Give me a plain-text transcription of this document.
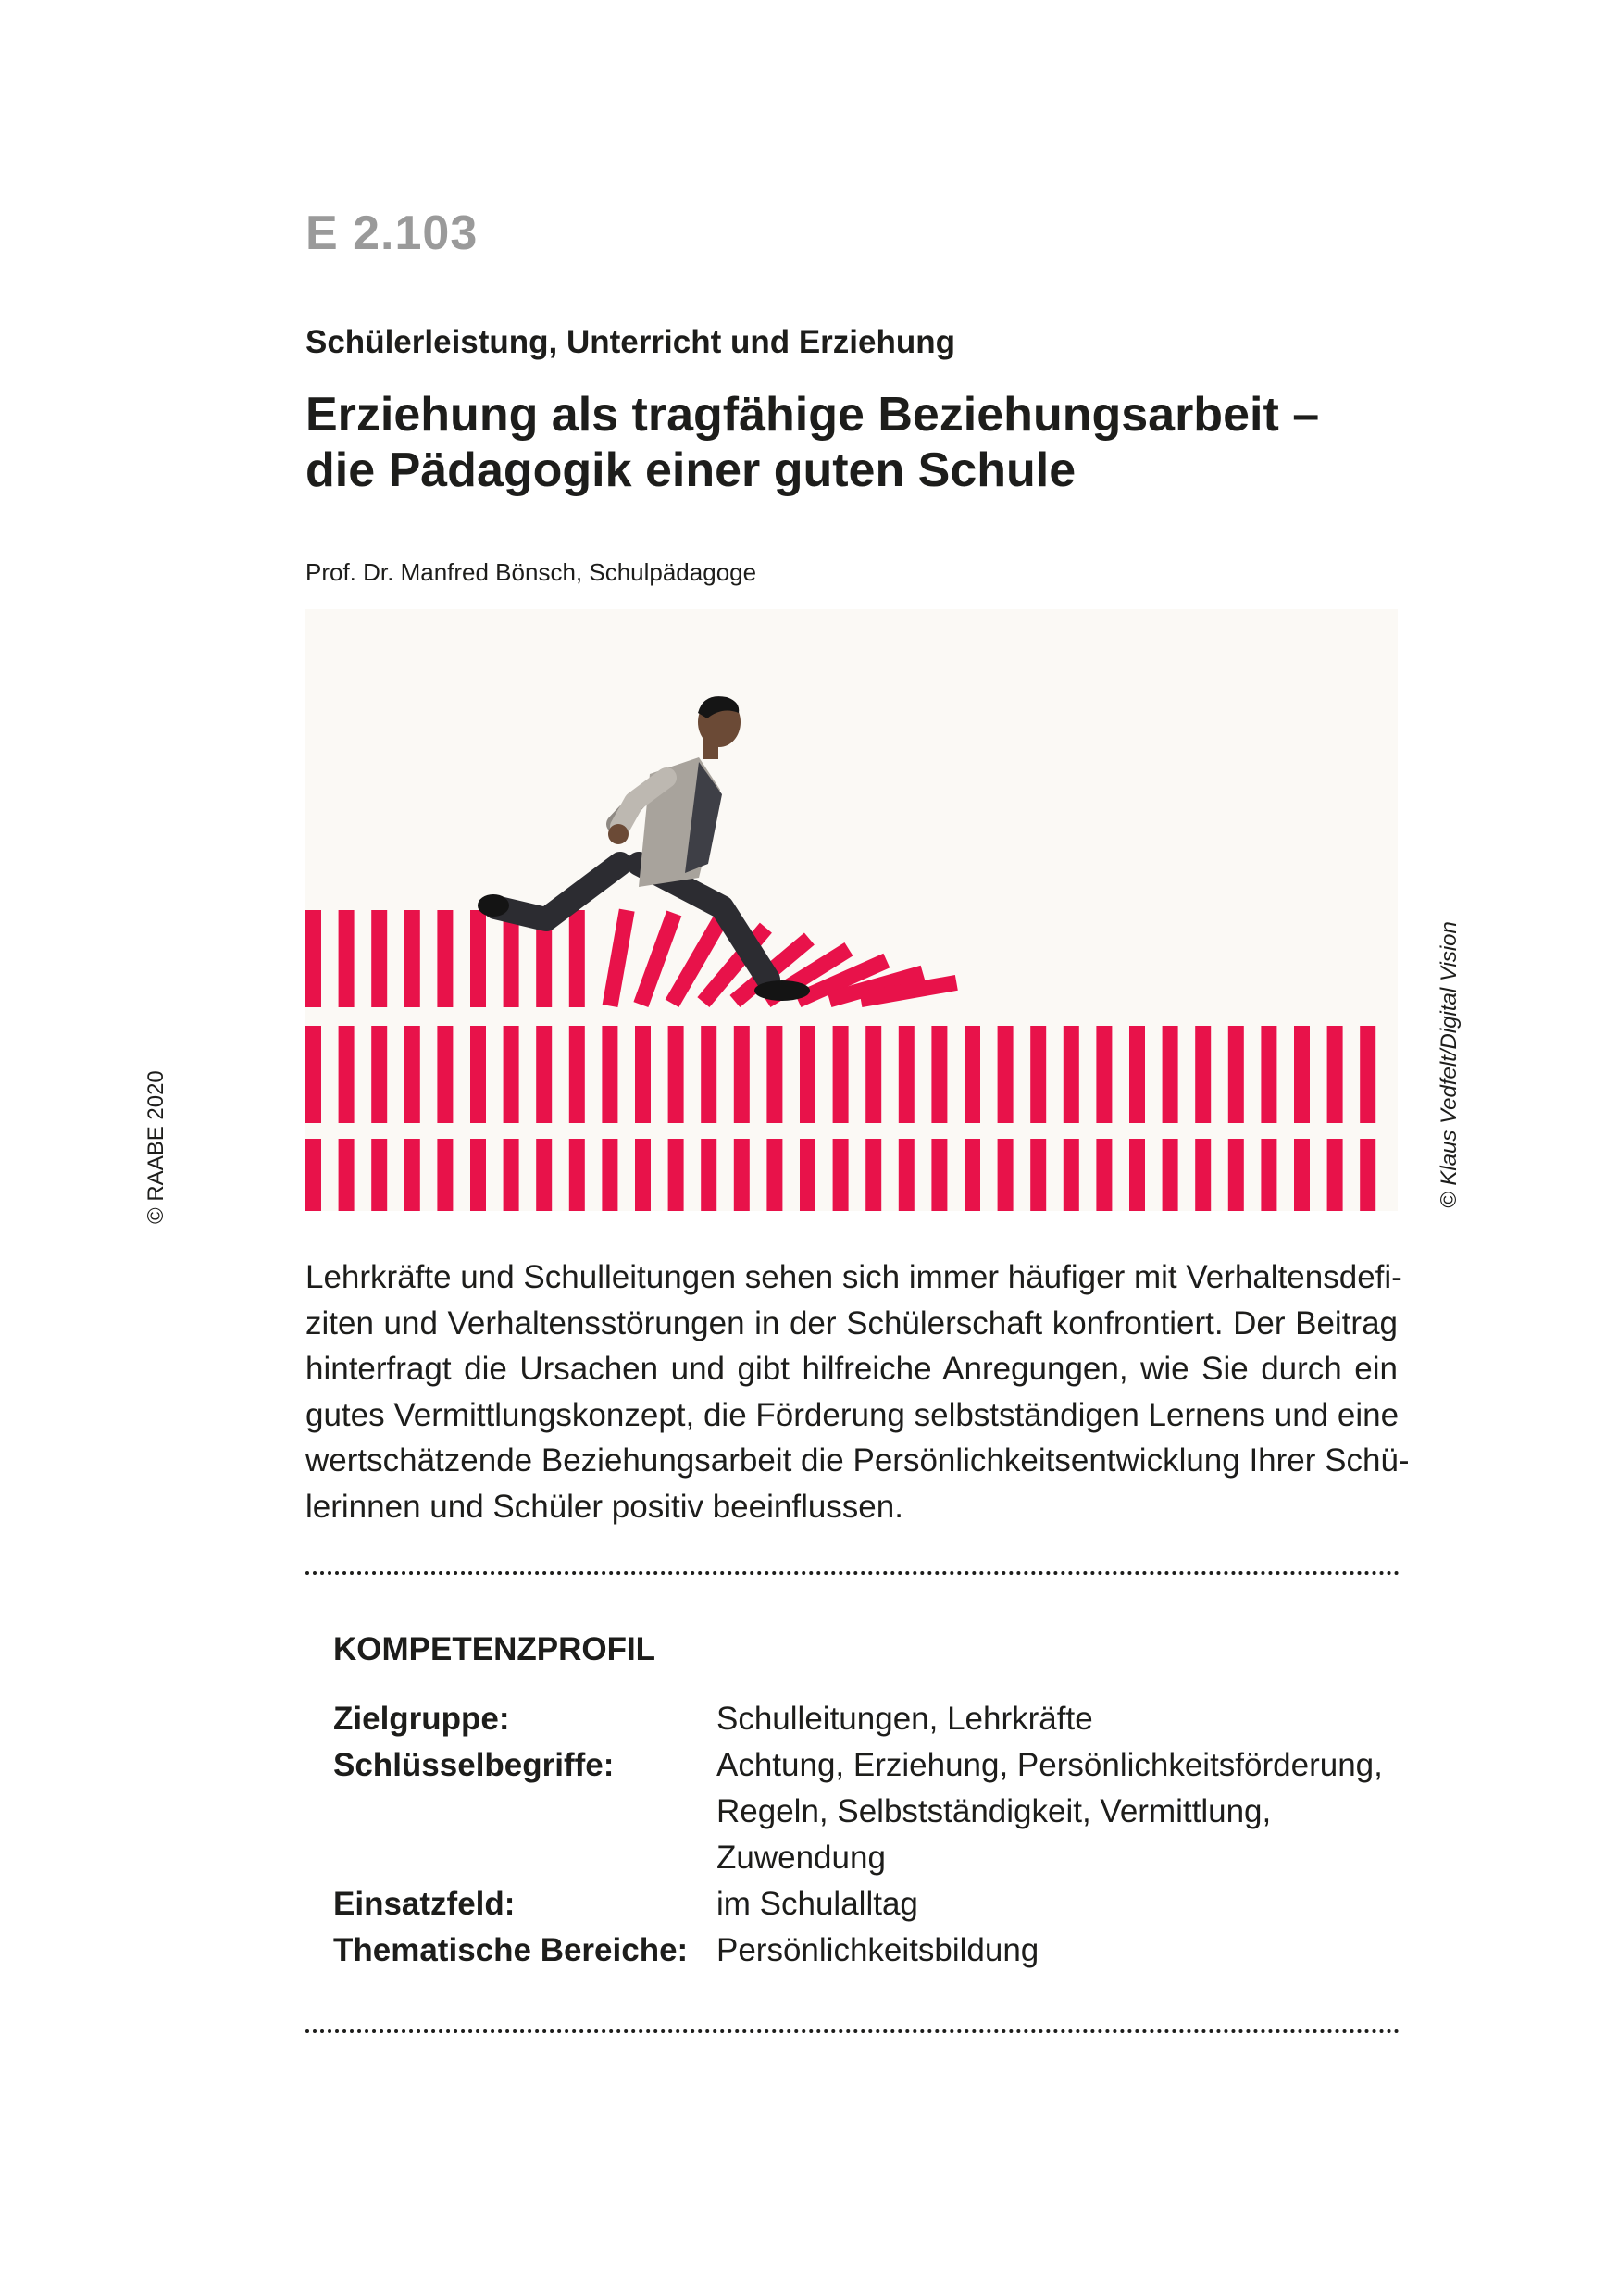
E 2.103
Schülerleistung, Unterricht und Erziehung
Erziehung als tragfähige Beziehungsarbeit –
die Pädagogik einer guten Schule
Prof. Dr. Manfred Bönsch, Schulpädagoge
© RAABE 2020	© Klaus Vedfelt/Digital Vision
Lehrkräfte und Schulleitungen sehen sich immer häufiger mit Verhaltensdefi-
ziten und Verhaltensstörungen in der Schülerschaft konfrontiert. Der Beitrag
hinterfragt die Ursachen und gibt hilfreiche Anregungen, wie Sie durch ein
gutes Vermittlungskonzept, die Förderung selbstständigen Lernens und eine
wertschätzende Beziehungsarbeit die Persönlichkeitsentwicklung Ihrer Schü-
lerinnen und Schüler positiv beeinflussen.
KOMPETENZPROFIL
Zielgruppe:	Schulleitungen, Lehrkräfte
Schlüsselbegriffe:	Achtung, Erziehung, Persönlichkeitsförderung,
Regeln, Selbstständigkeit, Vermittlung,
Zuwendung
Einsatzfeld:	im Schulalltag
Thematische Bereiche: Persönlichkeitsbildung
